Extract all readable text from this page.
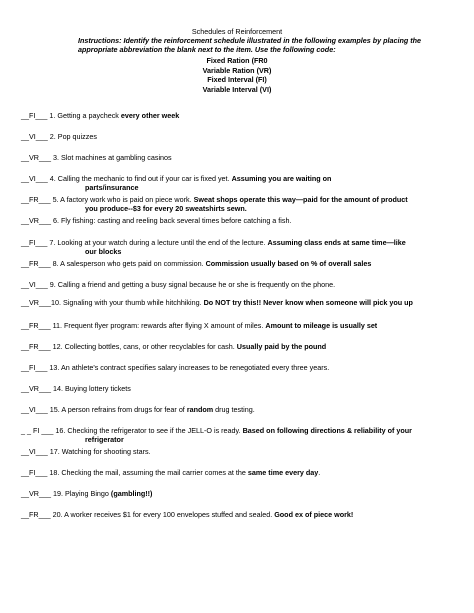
Schedules of Reinforcement
Instructions: Identify the reinforcement schedule illustrated in the following examples by placing the appropriate abbreviation the blank next to the item. Use the following code:
Fixed Ration (FR0
Variable Ration (VR)
Fixed Interval (FI)
Variable Interval (VI)
__FI___ 1. Getting a paycheck every other week
__VI___ 2. Pop quizzes
__VR___ 3. Slot machines at gambling casinos
__VI___ 4. Calling the mechanic to find out if your car is fixed yet. Assuming you are waiting on
parts/insurance
__FR___ 5. A factory work who is paid on piece work. Sweat shops operate this way—paid for the amount of product
you produce--$3 for every 20 sweatshirts sewn.
__VR___ 6. Fly fishing: casting and reeling back several times before catching a fish.
__FI___ 7. Looking at your watch during a lecture until the end of the lecture. Assuming class ends at same time—like
our blocks
__FR___ 8. A salesperson who gets paid on commission. Commission usually based on % of overall sales
__VI___ 9. Calling a friend and getting a busy signal because he or she is frequently on the phone.
__VR___10. Signaling with your thumb while hitchhiking. Do NOT try this!! Never know when someone will pick you up
__FR___ 11. Frequent flyer program: rewards after flying X amount of miles. Amount to mileage is usually set
__FR___ 12. Collecting bottles, cans, or other recyclables for cash. Usually paid by the pound
__FI___ 13. An athlete's contract specifies salary increases to be renegotiated every three years.
__VR___ 14. Buying lottery tickets
__VI___ 15. A person refrains from drugs for fear of random drug testing.
_ _ FI ___ 16. Checking the refrigerator to see if the JELL-O is ready. Based on following directions & reliability of your
refrigerator
__VI___ 17. Watching for shooting stars.
__FI___ 18. Checking the mail, assuming the mail carrier comes at the same time every day.
__VR___ 19. Playing Bingo (gambling!!)
__FR___ 20. A worker receives $1 for every 100 envelopes stuffed and sealed. Good ex of piece work!
